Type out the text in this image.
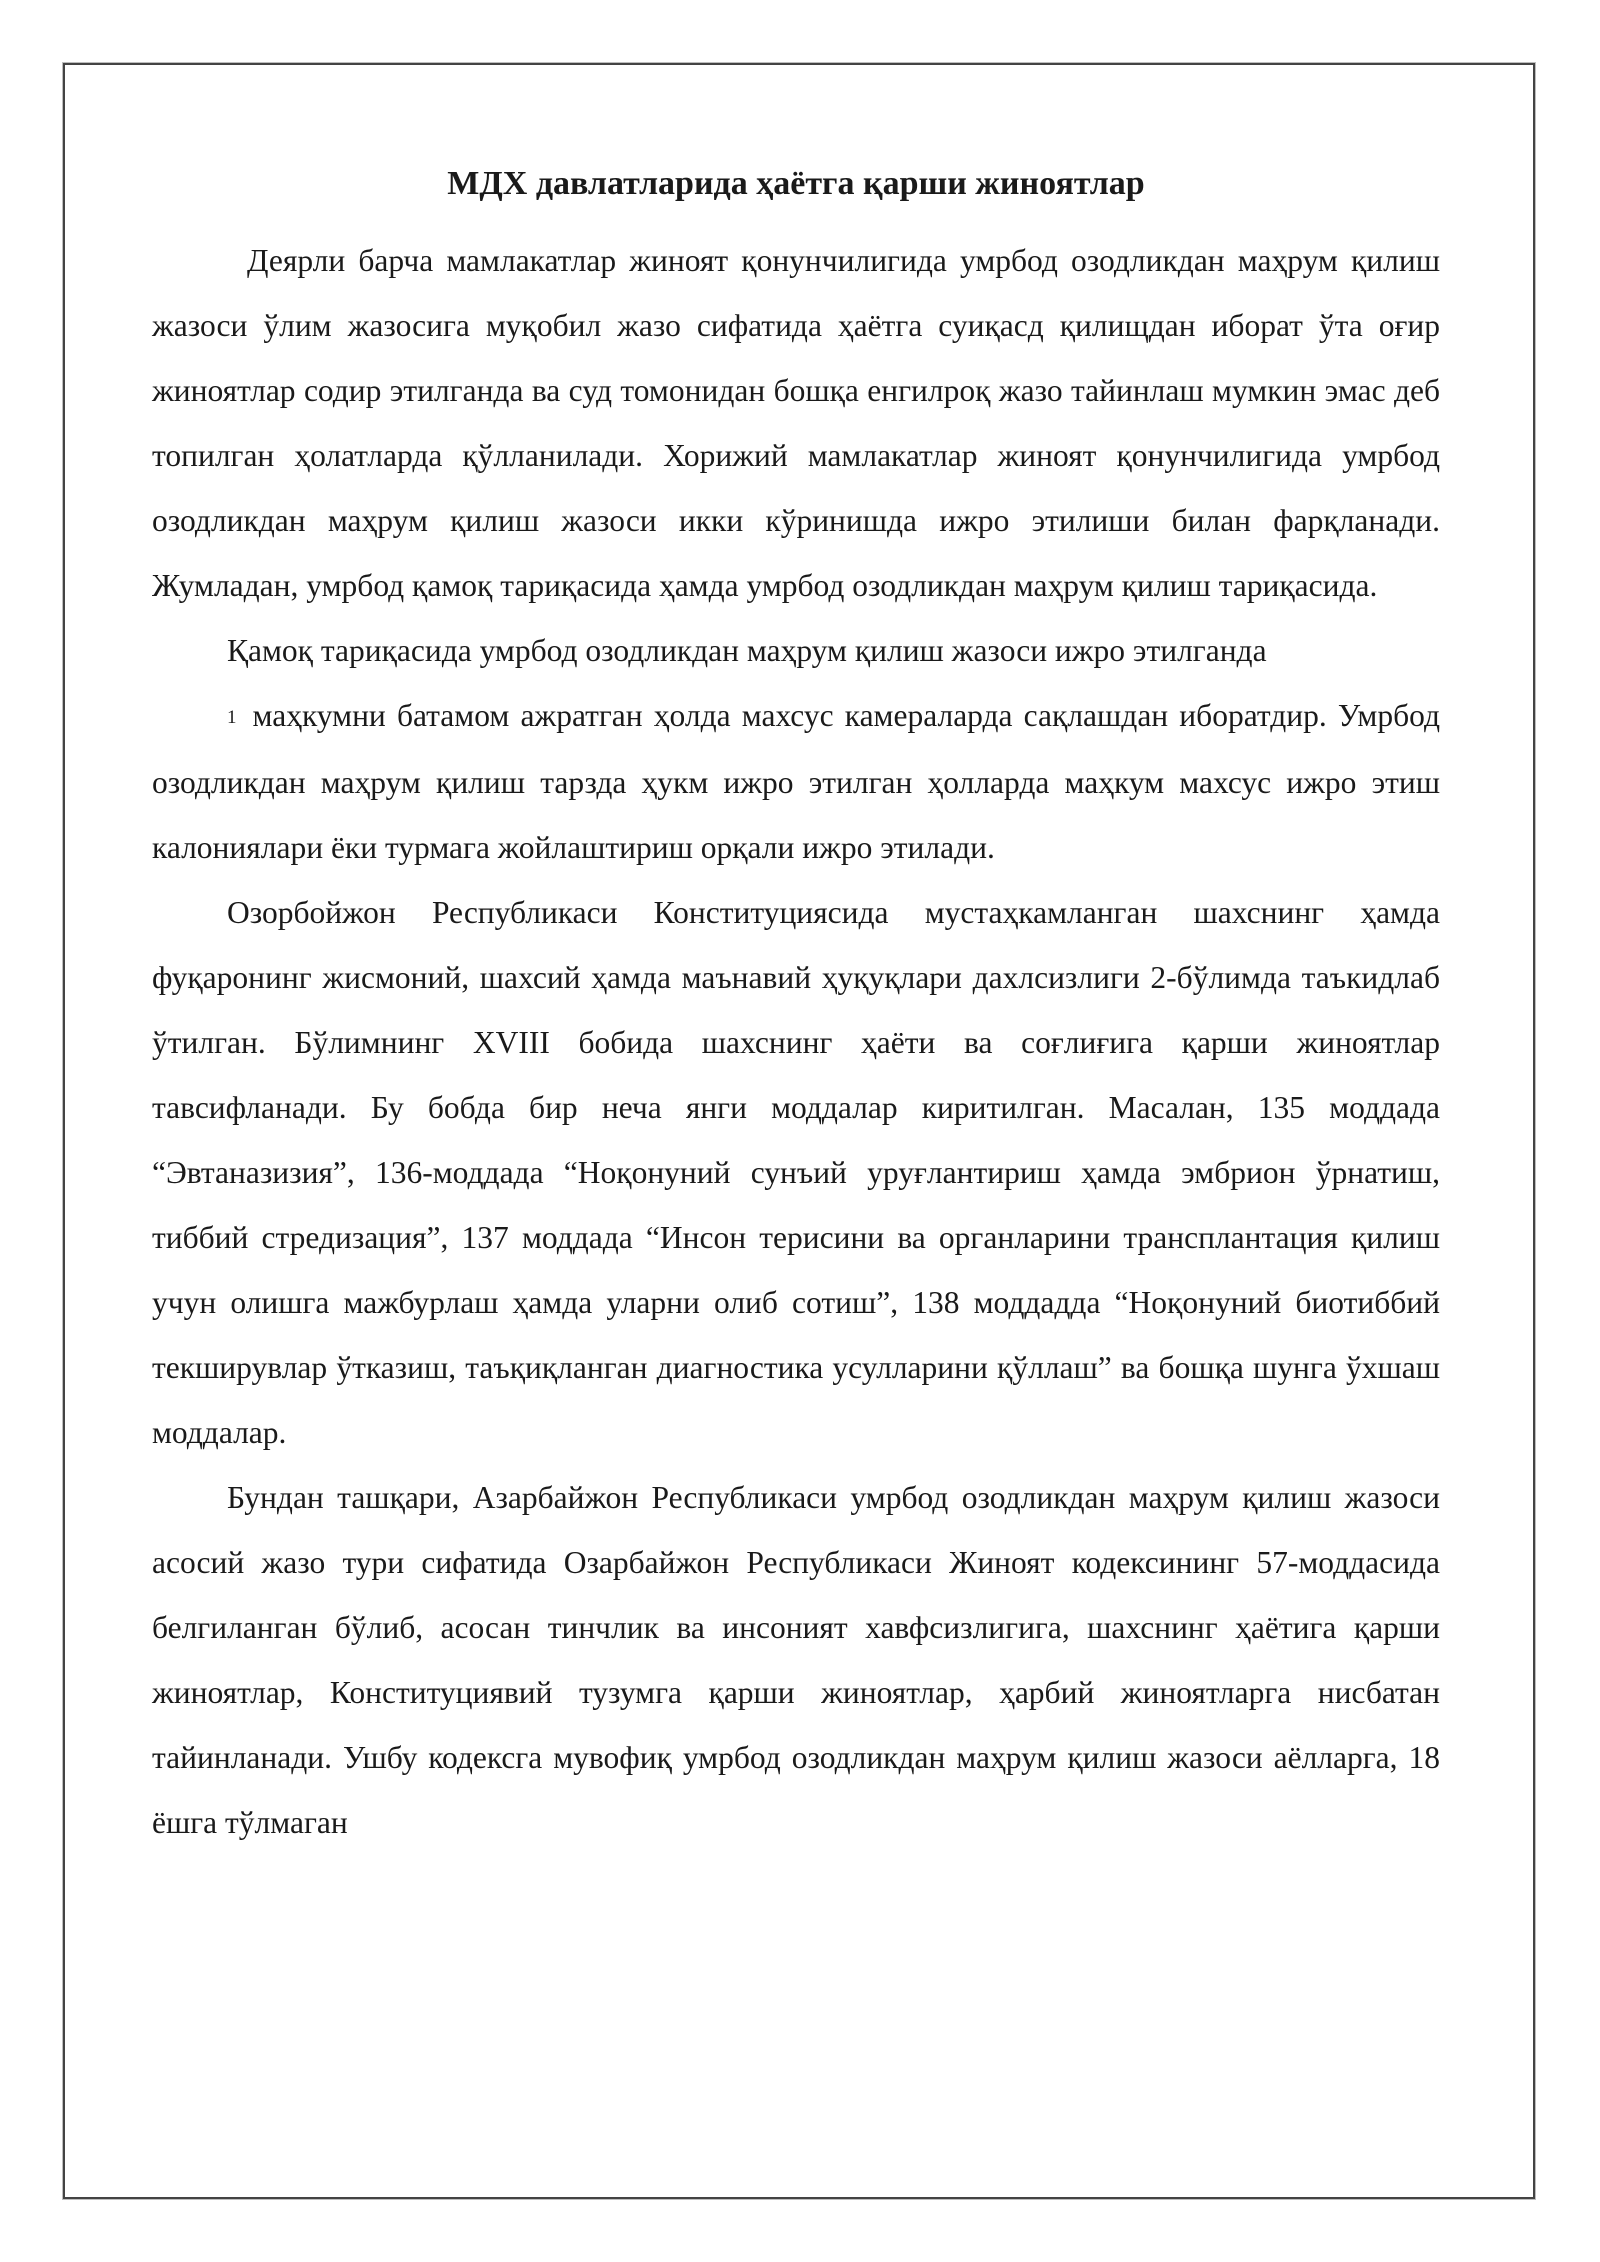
МДХ давлатларида ҳаётга қарши жиноятлар

Деярли барча мамлакатлар жиноят қонунчилигида умрбод озодликдан маҳрум қилиш жазоси ўлим жазосига муқобил жазо сифатида ҳаётга суиқасд қилищдан иборат ўта оғир жиноятлар содир этилганда ва суд томонидан бошқа енгилроқ жазо тайинлаш мумкин эмас деб топилган ҳолатларда қўлланилади. Хорижий мамлакатлар жиноят қонунчилигида умрбод озодликдан маҳрум қилиш жазоси икки кўринишда ижро этилиши билан фарқланади. Жумладан, умрбод қамоқ тариқасида ҳамда умрбод озодликдан маҳрум қилиш тариқасида.

Қамоқ тариқасида умрбод озодликдан маҳрум қилиш жазоси ижро этилганда

1 маҳкумни батамом ажратган ҳолда махсус камераларда сақлашдан иборатдир. Умрбод озодликдан маҳрум қилиш тарзда ҳукм ижро этилган ҳолларда маҳкум махсус ижро этиш калониялари ёки турмага жойлаштириш орқали ижро этилади.

Озорбойжон Республикаси Конституциясида мустаҳкамланган шахснинг ҳамда фуқаронинг жисмоний, шахсий ҳамда маънавий ҳуқуқлари дахлсизлиги 2-бўлимда таъкидлаб ўтилган. Бўлимнинг XVIII бобида шахснинг ҳаёти ва соғлиғига қарши жиноятлар тавсифланади. Бу бобда бир неча янги моддалар киритилган. Масалан, 135 моддада “Эвтаназизия”, 136-моддада “Ноқонуний сунъий уруғлантириш ҳамда эмбрион ўрнатиш, тиббий стредизация”, 137 моддада “Инсон терисини ва органларини трансплантация қилиш учун олишга мажбурлаш ҳамда уларни олиб сотиш”, 138 моддадда “Ноқонуний биотиббий текширувлар ўтказиш, таъқиқланган диагностика усулларини қўллаш” ва бошқа шунга ўхшаш моддалар.

Бундан ташқари, Азарбайжон Республикаси умрбод озодликдан маҳрум қилиш жазоси асосий жазо тури сифатида Озарбайжон Республикаси Жиноят кодексининг 57-моддасида белгиланган бўлиб, асосан тинчлик ва инсоният хавфсизлигига, шахснинг ҳаётига қарши жиноятлар, Конституциявий тузумга қарши жиноятлар, ҳарбий жиноятларга нисбатан тайинланади. Ушбу кодексга мувофиқ умрбод озодликдан маҳрум қилиш жазоси аёлларга, 18 ёшга тўлмаган
